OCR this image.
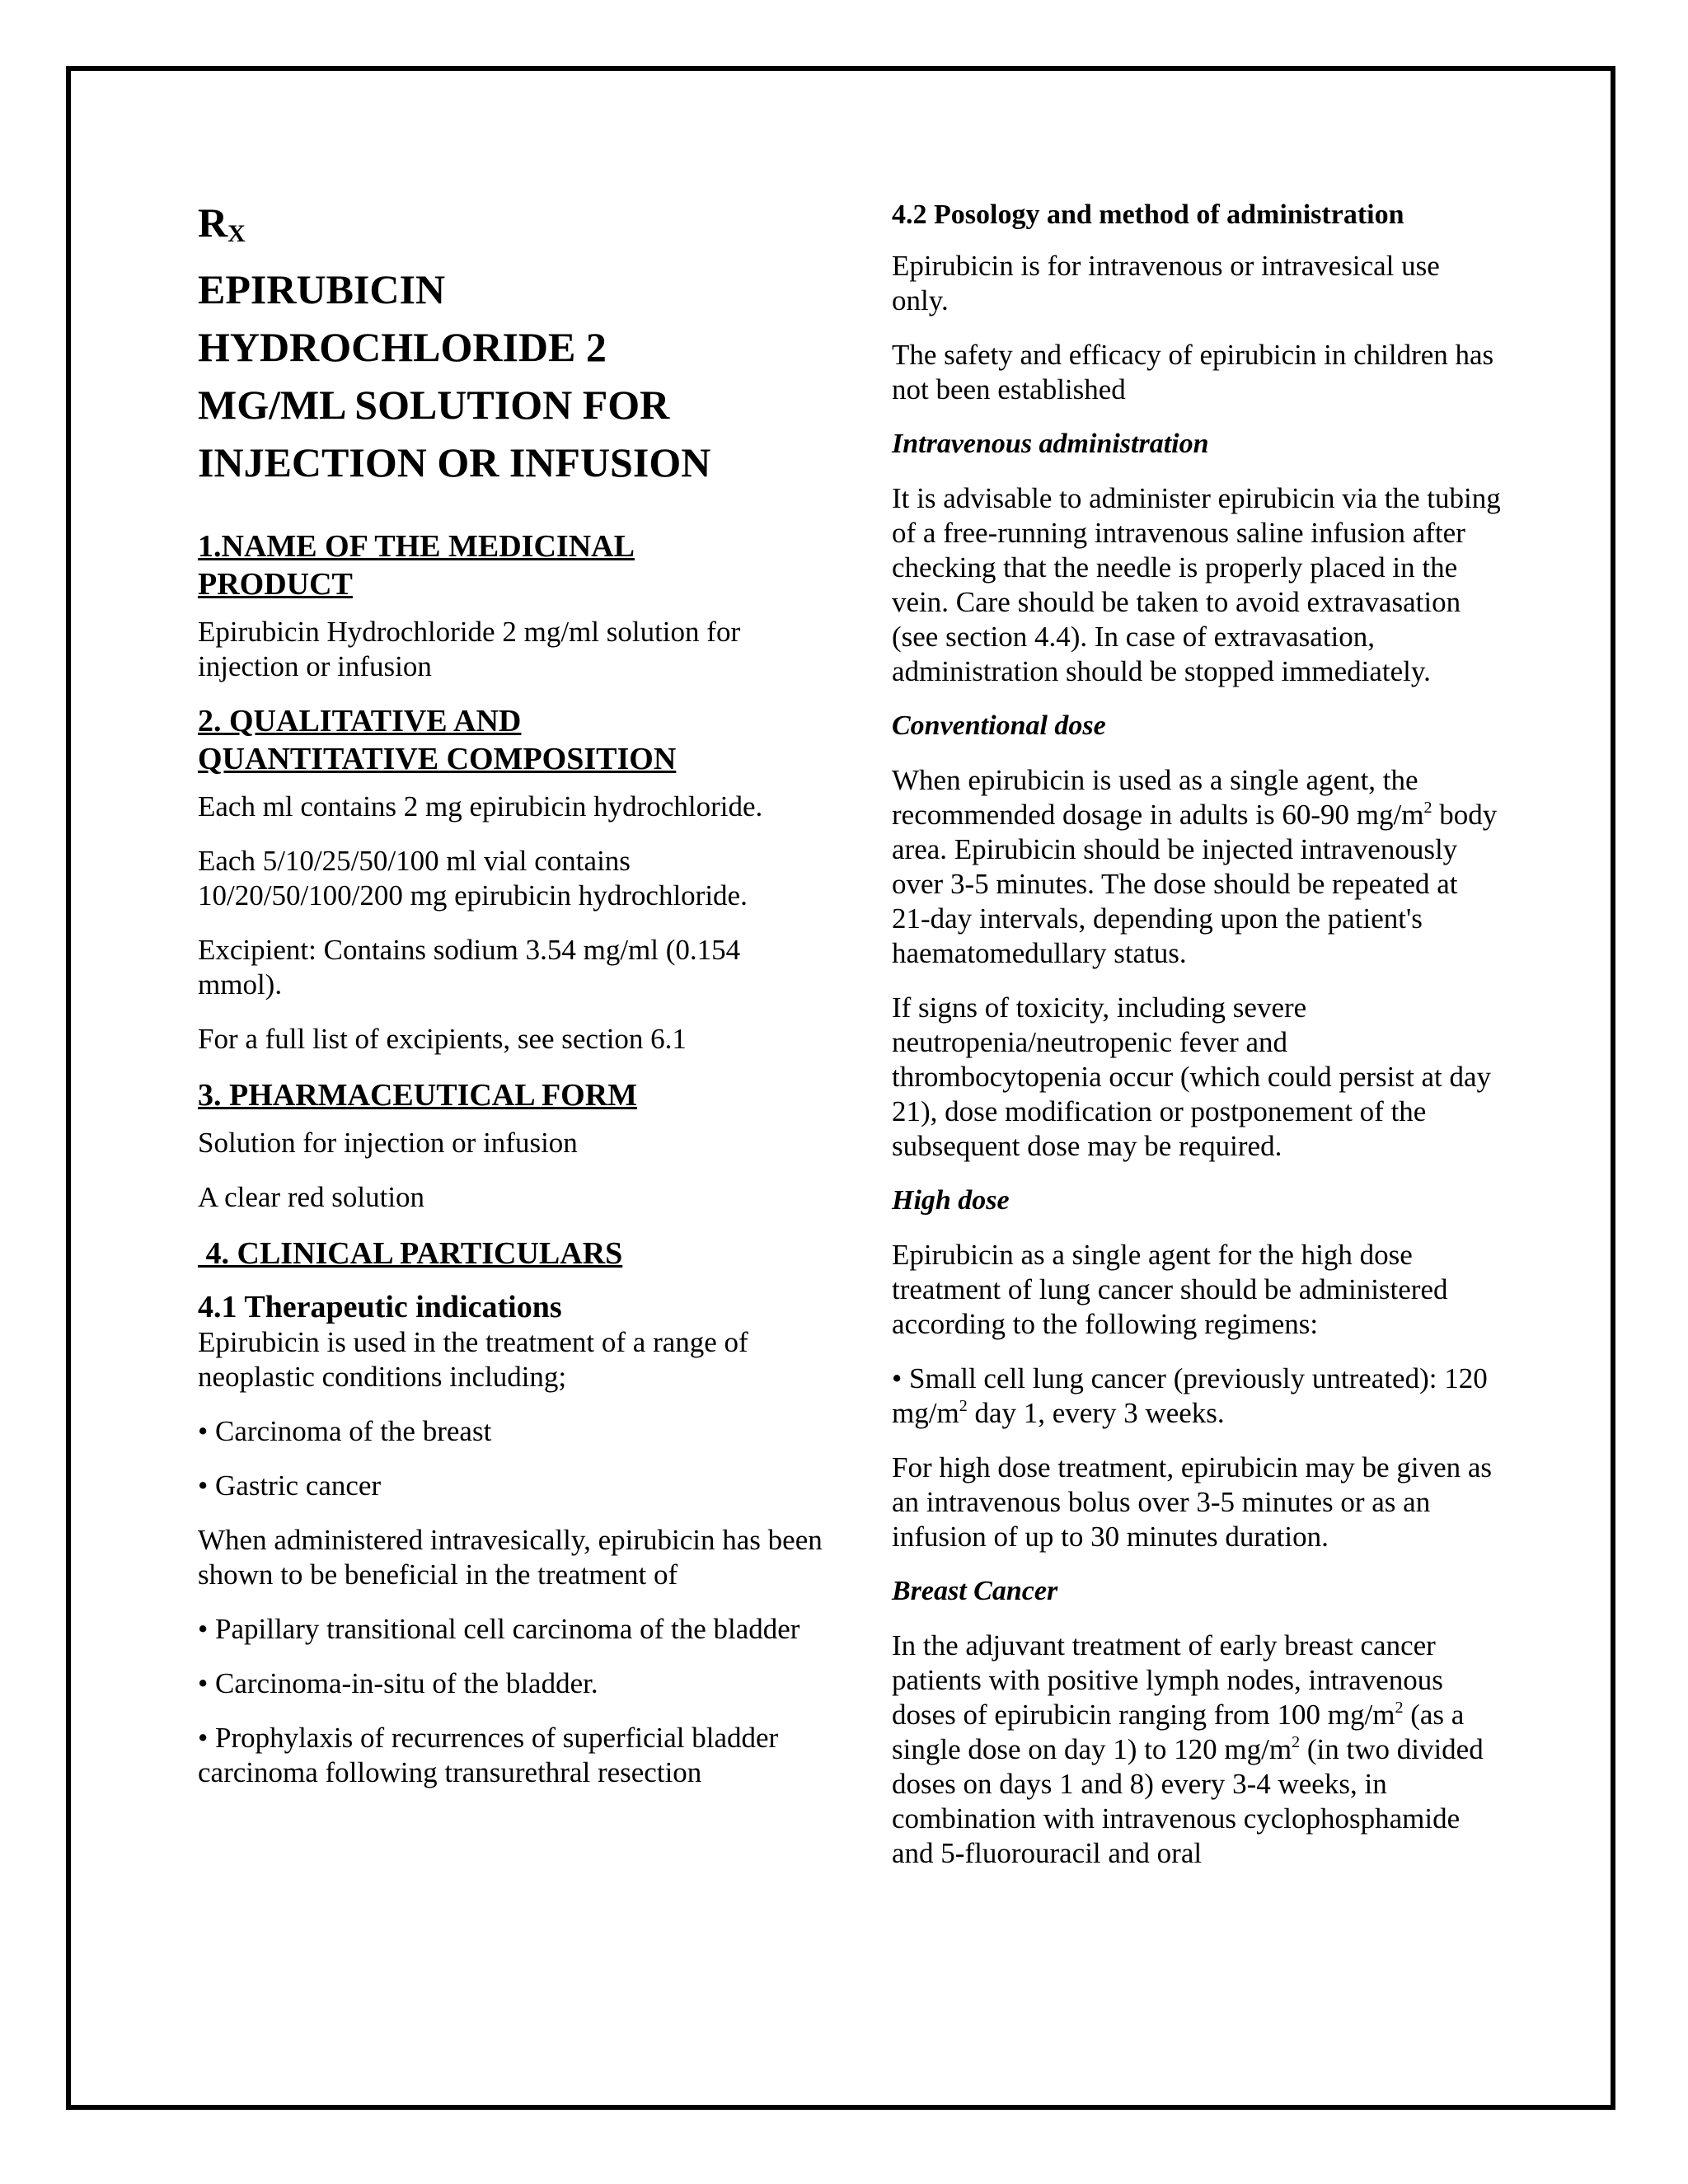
$R_X$
EPIRUBICIN
HYDROCHLORIDE 2
MG/ML SOLUTION FOR
INJECTION OR INFUSION
1.NAME OF THE MEDICINAL
PRODUCT

Epirubicin Hydrochloride 2 mg/ml solution for injection or infusion

2. QUALITATIVE AND
QUANTITATIVE COMPOSITION

Each ml contains 2 mg epirubicin hydrochloride.

Each 5/10/25/50/100 ml vial contains 10/20/50/100/200 mg epirubicin hydrochloride.

Excipient: Contains sodium 3.54 mg/ml (0.154 mmol).

For a full list of excipients, see section 6.1

3. PHARMACEUTICAL FORM

Solution for injection or infusion

A clear red solution

4. CLINICAL PARTICULARS
4.1 Therapeutic indications

Epirubicin is used in the treatment of a range of neoplastic conditions including;

• Carcinoma of the breast

• Gastric cancer

When administered intravesically, epirubicin has been shown to be beneficial in the treatment of

• Papillary transitional cell carcinoma of the bladder

• Carcinoma-in-situ of the bladder.

• Prophylaxis of recurrences of superficial bladder carcinoma following transurethral resection

4.2 Posology and method of administration

Epirubicin is for intravenous or intravesical use only.

The safety and efficacy of epirubicin in children has not been established

Intravenous administration

It is advisable to administer epirubicin via the tubing of a free-running intravenous saline infusion after checking that the needle is properly placed in the vein. Care should be taken to avoid extravasation (see section 4.4). In case of extravasation, administration should be stopped immediately.

Conventional dose

When epirubicin is used as a single agent, the recommended dosage in adults is 60-90 $mg/m^2$ body area. Epirubicin should be injected intravenously over 3-5 minutes. The dose should be repeated at 21-day intervals, depending upon the patient's haematomedullary status.

If signs of toxicity, including severe neutropenia/neutropenic fever and thrombocytopenia occur (which could persist at day 21), dose modification or postponement of the subsequent dose may be required.

High dose

Epirubicin as a single agent for the high dose treatment of lung cancer should be administered according to the following regimens:

• Small cell lung cancer (previously untreated): 120 $mg/m^2$ day 1, every 3 weeks.

For high dose treatment, epirubicin may be given as an intravenous bolus over 3-5 minutes or as an infusion of up to 30 minutes duration.

Breast Cancer

In the adjuvant treatment of early breast cancer patients with positive lymph nodes, intravenous doses of epirubicin ranging from 100 $mg/m^2$ (as a single dose on day 1) to 120 $mg/m^2$ (in two divided doses on days 1 and 8) every 3-4 weeks, in combination with intravenous cyclophosphamide and 5-fluorouracil and oral
